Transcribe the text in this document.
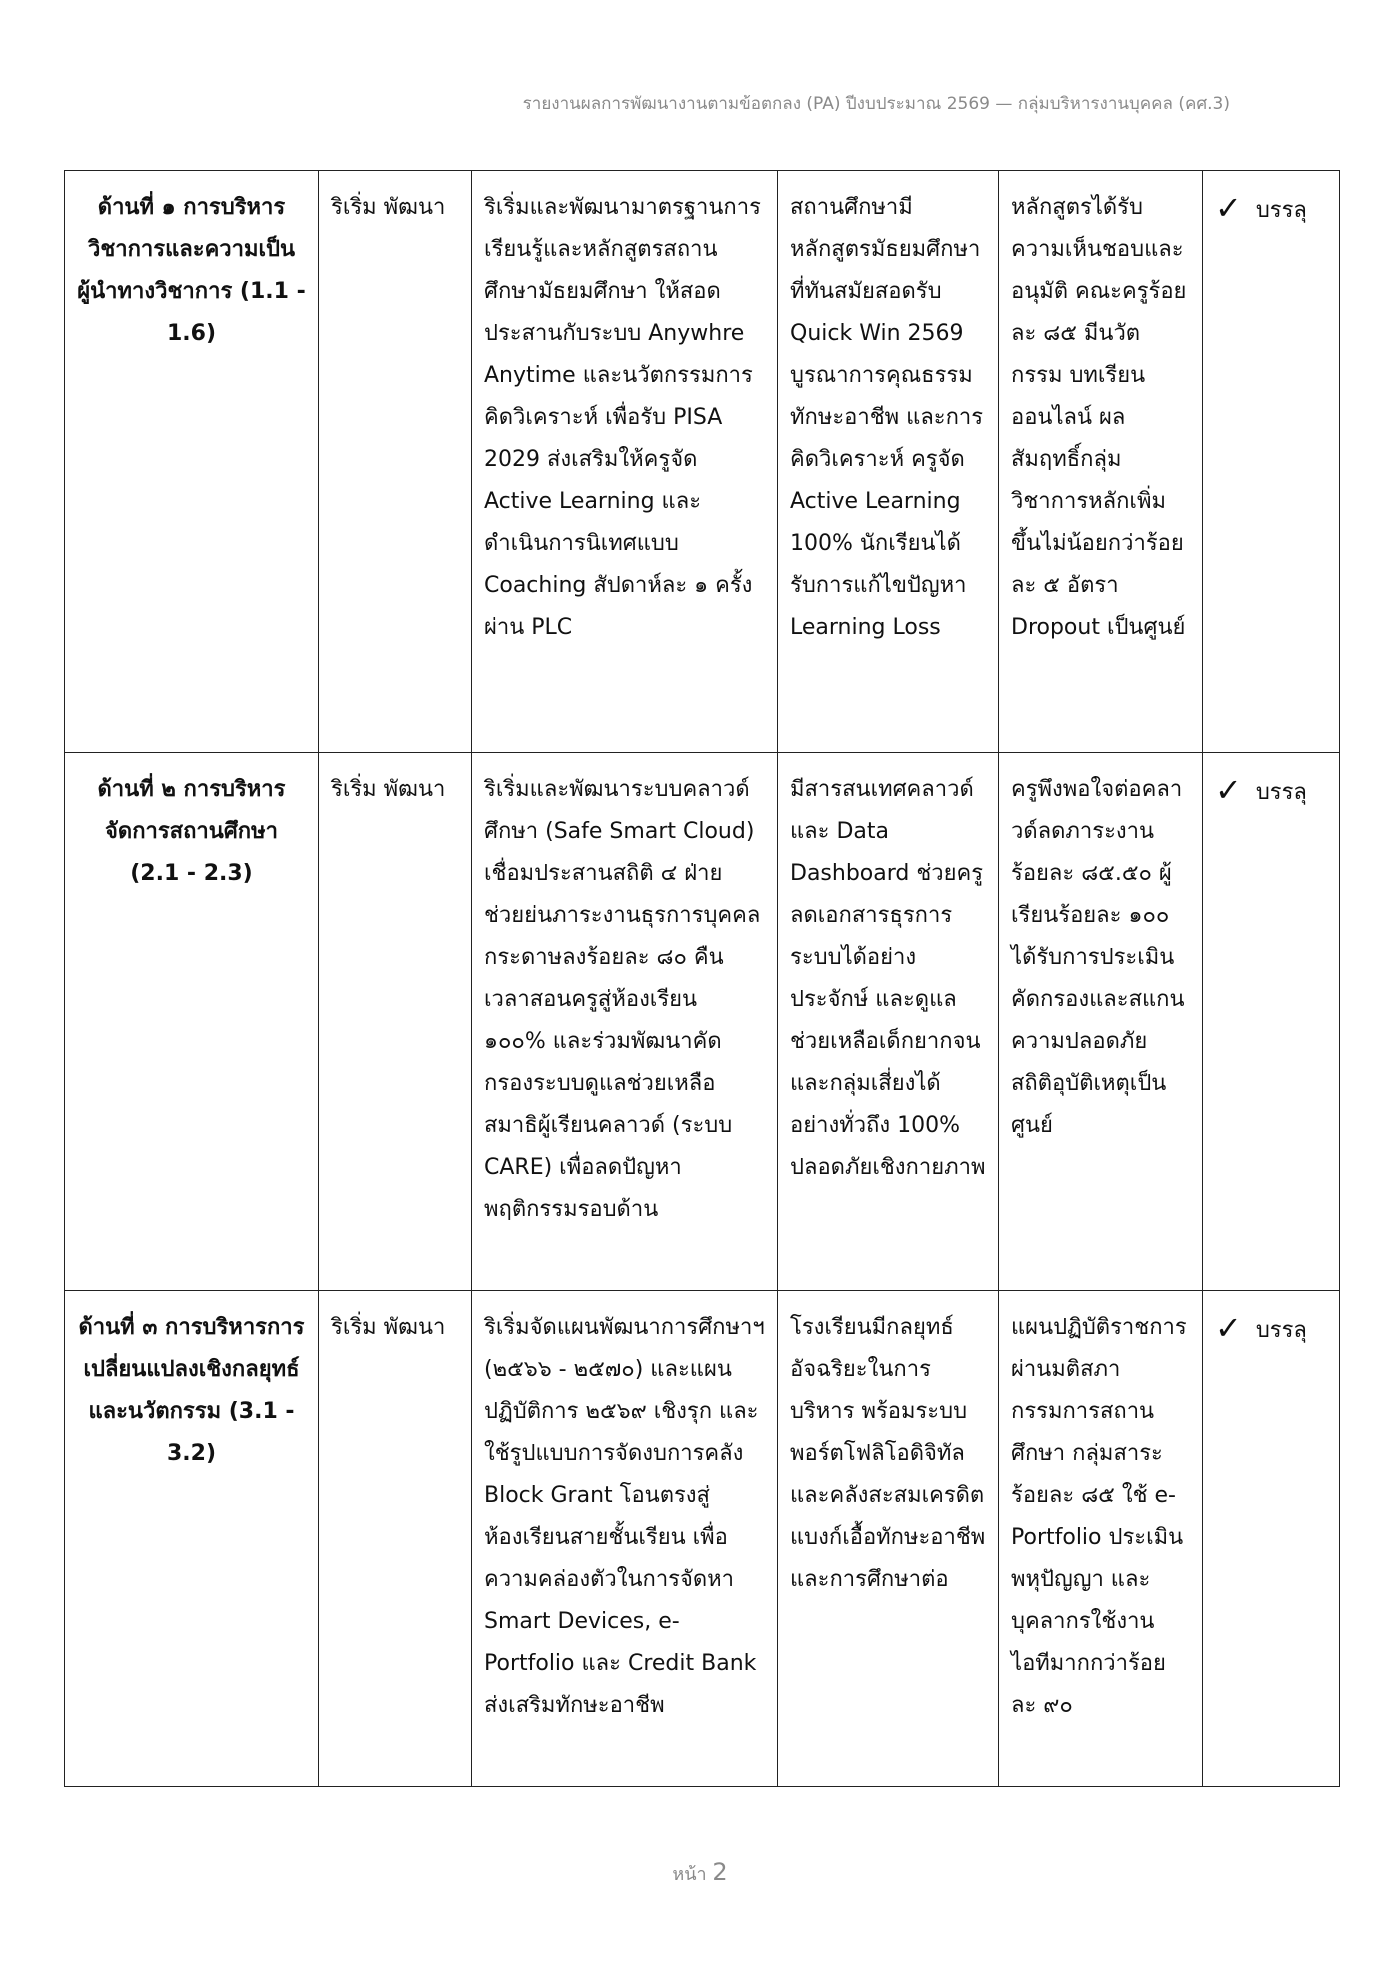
รายงานผลการพัฒนางานตามข้อตกลง (PA) ปีงบประมาณ 2569 — กลุ่มบริหารงานบุคคล (คศ.3)
ด้านที่ ๑ การบริหารวิชาการและความเป็นผู้นำทางวิชาการ (1.1 - 1.6)	ริเริ่ม พัฒนา	ริเริ่มและพัฒนามาตรฐานการเรียนรู้และหลักสูตรสถานศึกษามัธยมศึกษา ให้สอดประสานกับระบบ Anywhre Anytime และนวัตกรรมการคิดวิเคราะห์ เพื่อรับ PISA 2029 ส่งเสริมให้ครูจัด Active Learning และดำเนินการนิเทศแบบ Coaching สัปดาห์ละ ๑ ครั้ง ผ่าน PLC	สถานศึกษามีหลักสูตรมัธยมศึกษาที่ทันสมัยสอดรับ Quick Win 2569 บูรณาการคุณธรรม ทักษะอาชีพ และการคิดวิเคราะห์ ครูจัด Active Learning 100% นักเรียนได้รับการแก้ไขปัญหา Learning Loss	หลักสูตรได้รับความเห็นชอบและอนุมัติ คณะครูร้อยละ ๘๕ มีนวัตกรรม บทเรียนออนไลน์ ผลสัมฤทธิ์กลุ่มวิชาการหลักเพิ่มขึ้นไม่น้อยกว่าร้อยละ ๕ อัตรา Dropout เป็นศูนย์	✓ บรรลุ
ด้านที่ ๒ การบริหารจัดการสถานศึกษา (2.1 - 2.3)	ริเริ่ม พัฒนา	ริเริ่มและพัฒนาระบบคลาวด์ศึกษา (Safe Smart Cloud) เชื่อมประสานสถิติ ๔ ฝ่าย ช่วยย่นภาระงานธุรการบุคคลกระดาษลงร้อยละ ๘๐ คืนเวลาสอนครูสู่ห้องเรียน ๑๐๐% และร่วมพัฒนาคัดกรองระบบดูแลช่วยเหลือสมาธิผู้เรียนคลาวด์ (ระบบ CARE) เพื่อลดปัญหาพฤติกรรมรอบด้าน	มีสารสนเทศคลาวด์และ Data Dashboard ช่วยครูลดเอกสารธุรการระบบได้อย่างประจักษ์ และดูแลช่วยเหลือเด็กยากจนและกลุ่มเสี่ยงได้อย่างทั่วถึง 100% ปลอดภัยเชิงกายภาพ	ครูพึงพอใจต่อคลาวด์ลดภาระงานร้อยละ ๘๕.๕๐ ผู้เรียนร้อยละ ๑๐๐ ได้รับการประเมินคัดกรองและสแกนความปลอดภัย สถิติอุบัติเหตุเป็นศูนย์	✓ บรรลุ
ด้านที่ ๓ การบริหารการเปลี่ยนแปลงเชิงกลยุทธ์และนวัตกรรม (3.1 - 3.2)	ริเริ่ม พัฒนา	ริเริ่มจัดแผนพัฒนาการศึกษาฯ (๒๕๖๖ - ๒๕๗๐) และแผนปฏิบัติการ ๒๕๖๙ เชิงรุก และใช้รูปแบบการจัดงบการคลัง Block Grant โอนตรงสู่ห้องเรียนสายชั้นเรียน เพื่อความคล่องตัวในการจัดหา Smart Devices, e-Portfolio และ Credit Bank ส่งเสริมทักษะอาชีพ	โรงเรียนมีกลยุทธ์อัจฉริยะในการบริหาร พร้อมระบบพอร์ตโฟลิโอดิจิทัลและคลังสะสมเครดิตแบงก์เอื้อทักษะอาชีพและการศึกษาต่อ	แผนปฏิบัติราชการผ่านมติสภากรรมการสถานศึกษา กลุ่มสาระร้อยละ ๘๕ ใช้ e-Portfolio ประเมินพหุปัญญา และบุคลากรใช้งานไอทีมากกว่าร้อยละ ๙๐	✓ บรรลุ
หน้า 2
